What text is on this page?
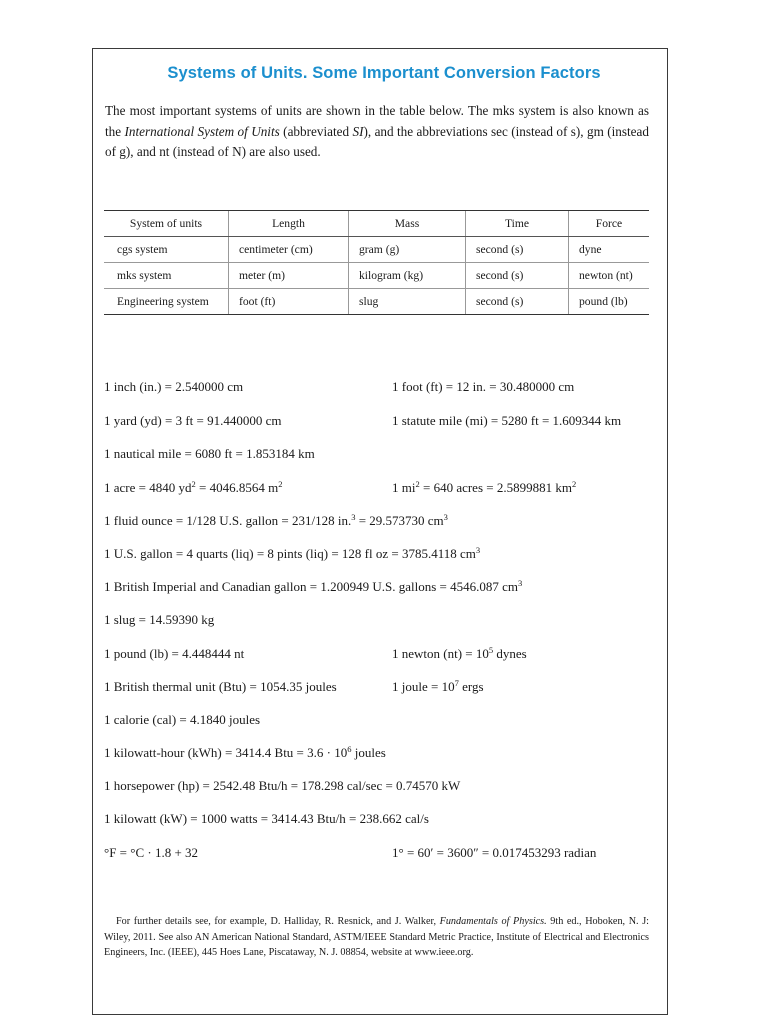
Systems of Units. Some Important Conversion Factors

The most important systems of units are shown in the table below. The mks system is also known as the International System of Units (abbreviated SI), and the abbreviations sec (instead of s), gm (instead of g), and nt (instead of N) are also used.

System of units	Length	Mass	Time	Force
cgs system	centimeter (cm)	gram (g)	second (s)	dyne
mks system	meter (m)	kilogram (kg)	second (s)	newton (nt)
Engineering system	foot (ft)	slug	second (s)	pound (lb)
1 inch (in.) = 2.540000 cm	1 foot (ft) = 12 in. = 30.480000 cm
1 yard (yd) = 3 ft = 91.440000 cm	1 statute mile (mi) = 5280 ft = 1.609344 km
1 nautical mile = 6080 ft = 1.853184 km
1 acre = 4840 $yd^2 = 4046.8564$ $m^2$	1 $mi^2 = 640$ acres = 2.5899881 $km^2$
1 fluid ounce = 1/128 U.S. gallon = 231/128 in.$^3$ = 29.573730 $cm^3$
1 U.S. gallon = 4 quarts (liq) = 8 pints (liq) = 128 fl oz = 3785.4118 $cm^3$
1 British Imperial and Canadian gallon = 1.200949 U.S. gallons = 4546.087 $cm^3$
1 slug = 14.59390 kg
1 pound (lb) = 4.448444 nt	1 newton $(nt) = 10^5$ dynes
1 British thermal unit (Btu) = 1054.35 joules	1 joule = $10^7$ ergs
1 calorie (cal) = 4.1840 joules
1 kilowatt-hour (kWh) = 3414.4 Btu = $3.6 \cdot 10^6$ joules
1 horsepower (hp) = 2542.48 Btu/h = 178.298 cal/sec = 0.74570 kW
1 kilowatt (kW) = 1000 watts = 3414.43 Btu/h = 238.662 cal/s
°F = °C · 1.8 + 32	1° = 60′ = 3600″ = 0.017453293 radian

For further details see, for example, D. Halliday, R. Resnick, and J. Walker, Fundamentals of Physics. 9th ed., Hoboken, N. J: Wiley, 2011. See also AN American National Standard, ASTM/IEEE Standard Metric Practice, Institute of Electrical and Electronics Engineers, Inc. (IEEE), 445 Hoes Lane, Piscataway, N. J. 08854, website at www.ieee.org.
